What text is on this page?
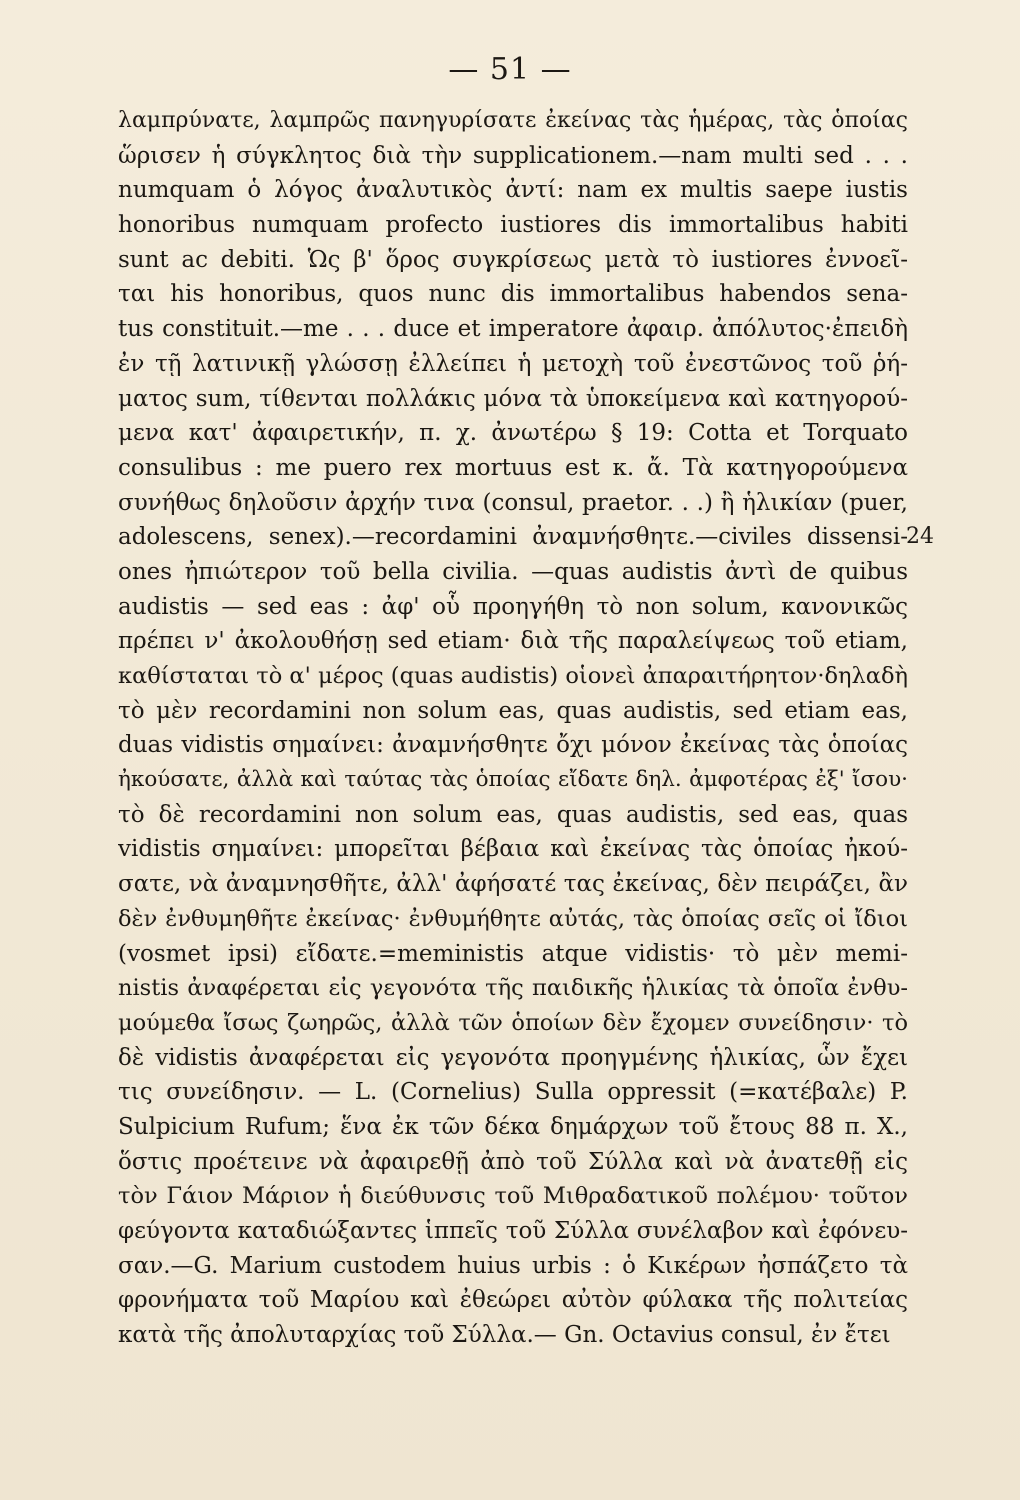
— 51 —
λαμπρύνατε, λαμπρῶς πανηγυρίσατε ἐκείνας τὰς ἡμέρας, τὰς ὁποίας
ὥρισεν ἡ σύγκλητος διὰ τὴν supplicationem.—nam multi sed . . .
numquam ὁ λόγος ἀναλυτικὸς ἀντί: nam ex multis saepe iustis
honoribus numquam profecto iustiores dis immortalibus habiti
sunt ac debiti. Ὡς β' ὅρος συγκρίσεως μετὰ τὸ iustiores ἐννοεῖ-
ται his honoribus, quos nunc dis immortalibus habendos sena-
tus constituit.—me . . . duce et imperatore ἀφαιρ. ἀπόλυτος·ἐπειδὴ
ἐν τῇ λατινικῇ γλώσσῃ ἐλλείπει ἡ μετοχὴ τοῦ ἐνεστῶνος τοῦ ῥή-
ματος sum, τίθενται πολλάκις μόνα τὰ ὑποκείμενα καὶ κατηγορού-
μενα κατ' ἀφαιρετικήν, π. χ. ἀνωτέρω § 19: Cotta et Torquato
consulibus : me puero rex mortuus est κ. ἄ. Τὰ κατηγορούμενα
συνήθως δηλοῦσιν ἀρχήν τινα (consul, praetor. . .) ἢ ἡλικίαν (puer,
adolescens, senex).—recordamini ἀναμνήσθητε.—civiles dissensi-
ones ἠπιώτερον τοῦ bella civilia. —quas audistis ἀντὶ de quibus
audistis — sed eas : ἀφ' οὗ προηγήθη τὸ non solum, κανονικῶς
πρέπει ν' ἀκολουθήσῃ sed etiam· διὰ τῆς παραλείψεως τοῦ etiam,
καθίσταται τὸ α' μέρος (quas audistis) οἱονεὶ ἀπαραιτήρητον·δηλαδὴ
τὸ μὲν recordamini non solum eas, quas audistis, sed etiam eas,
duas vidistis σημαίνει: ἀναμνήσθητε ὄχι μόνον ἐκείνας τὰς ὁποίας
ἠκούσατε, ἀλλὰ καὶ ταύτας τὰς ὁποίας εἴδατε δηλ. ἀμφοτέρας ἐξ' ἴσου·
τὸ δὲ recordamini non solum eas, quas audistis, sed eas, quas
vidistis σημαίνει: μπορεῖται βέβαια καὶ ἐκείνας τὰς ὁποίας ἠκού-
σατε, νὰ ἀναμνησθῆτε, ἀλλ' ἀφήσατέ τας ἐκείνας, δὲν πειράζει, ἂν
δὲν ἐνθυμηθῆτε ἐκείνας· ἐνθυμήθητε αὐτάς, τὰς ὁποίας σεῖς οἱ ἴδιοι
(vosmet ipsi) εἴδατε.=meministis atque vidistis· τὸ μὲν memi-
nistis ἀναφέρεται εἰς γεγονότα τῆς παιδικῆς ἡλικίας τὰ ὁποῖα ἐνθυ-
μούμεθα ἴσως ζωηρῶς, ἀλλὰ τῶν ὁποίων δὲν ἔχομεν συνείδησιν· τὸ
δὲ vidistis ἀναφέρεται εἰς γεγονότα προηγμένης ἡλικίας, ὧν ἔχει
τις συνείδησιν. — L. (Cornelius) Sulla oppressit (=κατέβαλε) P.
Sulpicium Rufum; ἕνα ἐκ τῶν δέκα δημάρχων τοῦ ἔτους 88 π. Χ.,
ὅστις προέτεινε νὰ ἀφαιρεθῇ ἀπὸ τοῦ Σύλλα καὶ νὰ ἀνατεθῇ εἰς
τὸν Γάιον Μάριον ἡ διεύθυνσις τοῦ Μιθραδατικοῦ πολέμου· τοῦτον
φεύγοντα καταδιώξαντες ἱππεῖς τοῦ Σύλλα συνέλαβον καὶ ἐφόνευ-
σαν.—G. Marium custodem huius urbis : ὁ Κικέρων ἠσπάζετο τὰ
φρονήματα τοῦ Μαρίου καὶ ἐθεώρει αὐτὸν φύλακα τῆς πολιτείας
κατὰ τῆς ἀπολυταρχίας τοῦ Σύλλα.— Gn. Octavius consul, ἐν ἔτει
24
